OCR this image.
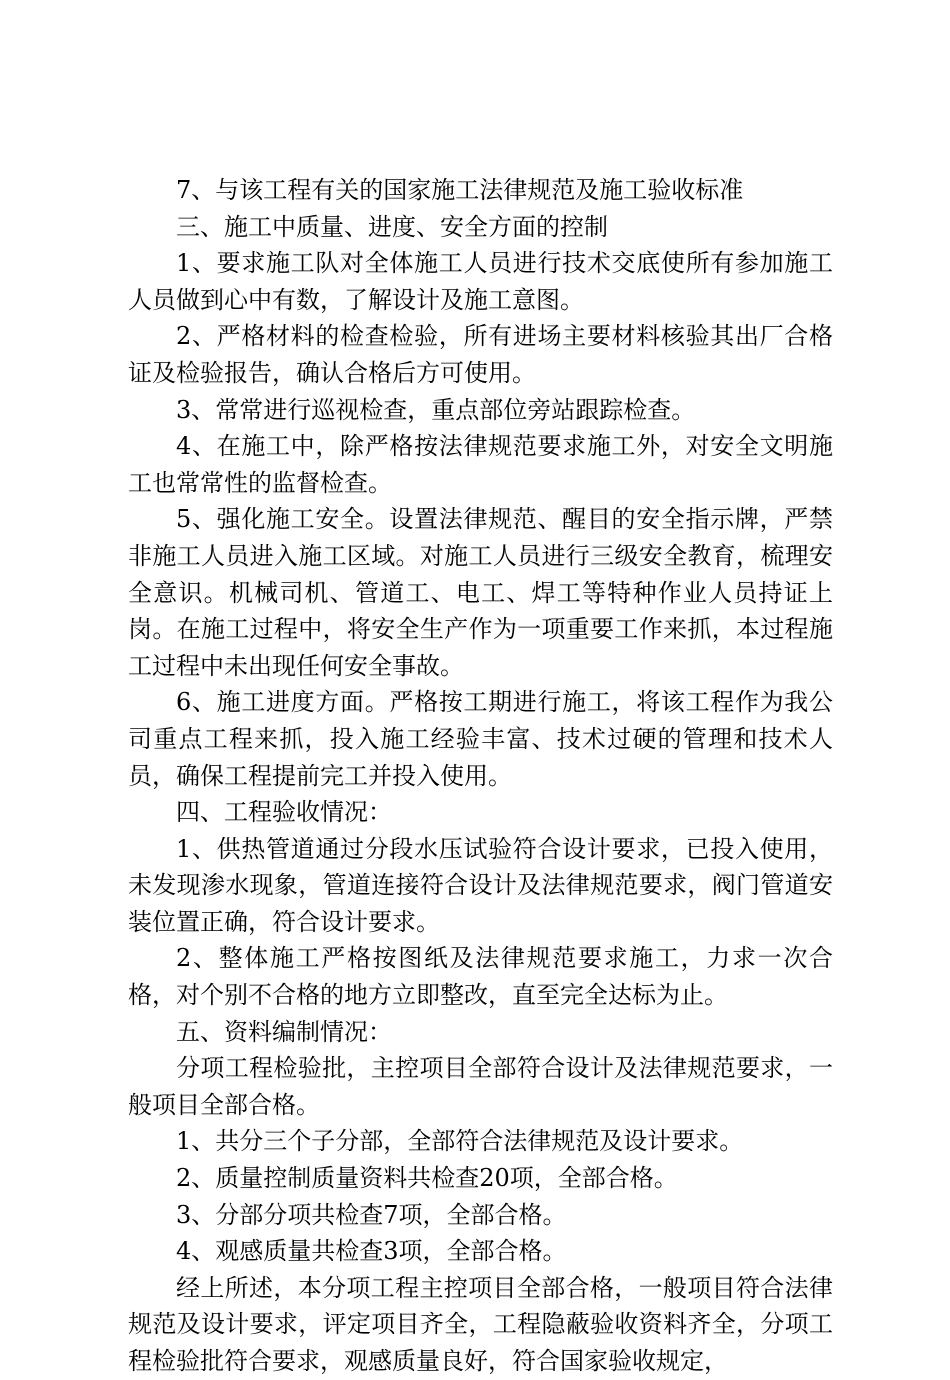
7、与该工程有关的国家施工法律规范及施工验收标准

三、施工中质量、进度、安全方面的控制

1、要求施工队对全体施工人员进行技术交底使所有参加施工人员做到心中有数，了解设计及施工意图。

2、严格材料的检查检验，所有进场主要材料核验其出厂合格证及检验报告，确认合格后方可使用。

3、常常进行巡视检查，重点部位旁站跟踪检查。

4、在施工中，除严格按法律规范要求施工外，对安全文明施工也常常性的监督检查。

5、强化施工安全。设置法律规范、醒目的安全指示牌，严禁非施工人员进入施工区域。对施工人员进行三级安全教育，梳理安全意识。机械司机、管道工、电工、焊工等特种作业人员持证上岗。在施工过程中，将安全生产作为一项重要工作来抓，本过程施工过程中未出现任何安全事故。

6、施工进度方面。严格按工期进行施工，将该工程作为我公司重点工程来抓，投入施工经验丰富、技术过硬的管理和技术人员，确保工程提前完工并投入使用。

四、工程验收情况：

1、供热管道通过分段水压试验符合设计要求，已投入使用，未发现渗水现象，管道连接符合设计及法律规范要求，阀门管道安装位置正确，符合设计要求。

2、整体施工严格按图纸及法律规范要求施工，力求一次合格，对个别不合格的地方立即整改，直至完全达标为止。

五、资料编制情况：

分项工程检验批，主控项目全部符合设计及法律规范要求，一般项目全部合格。

1、共分三个子分部，全部符合法律规范及设计要求。

2、质量控制质量资料共检查20项，全部合格。

3、分部分项共检查7项，全部合格。

4、观感质量共检查3项，全部合格。

经上所述，本分项工程主控项目全部合格，一般项目符合法律规范及设计要求，评定项目齐全，工程隐蔽验收资料齐全，分项工程检验批符合要求，观感质量良好，符合国家验收规定，
